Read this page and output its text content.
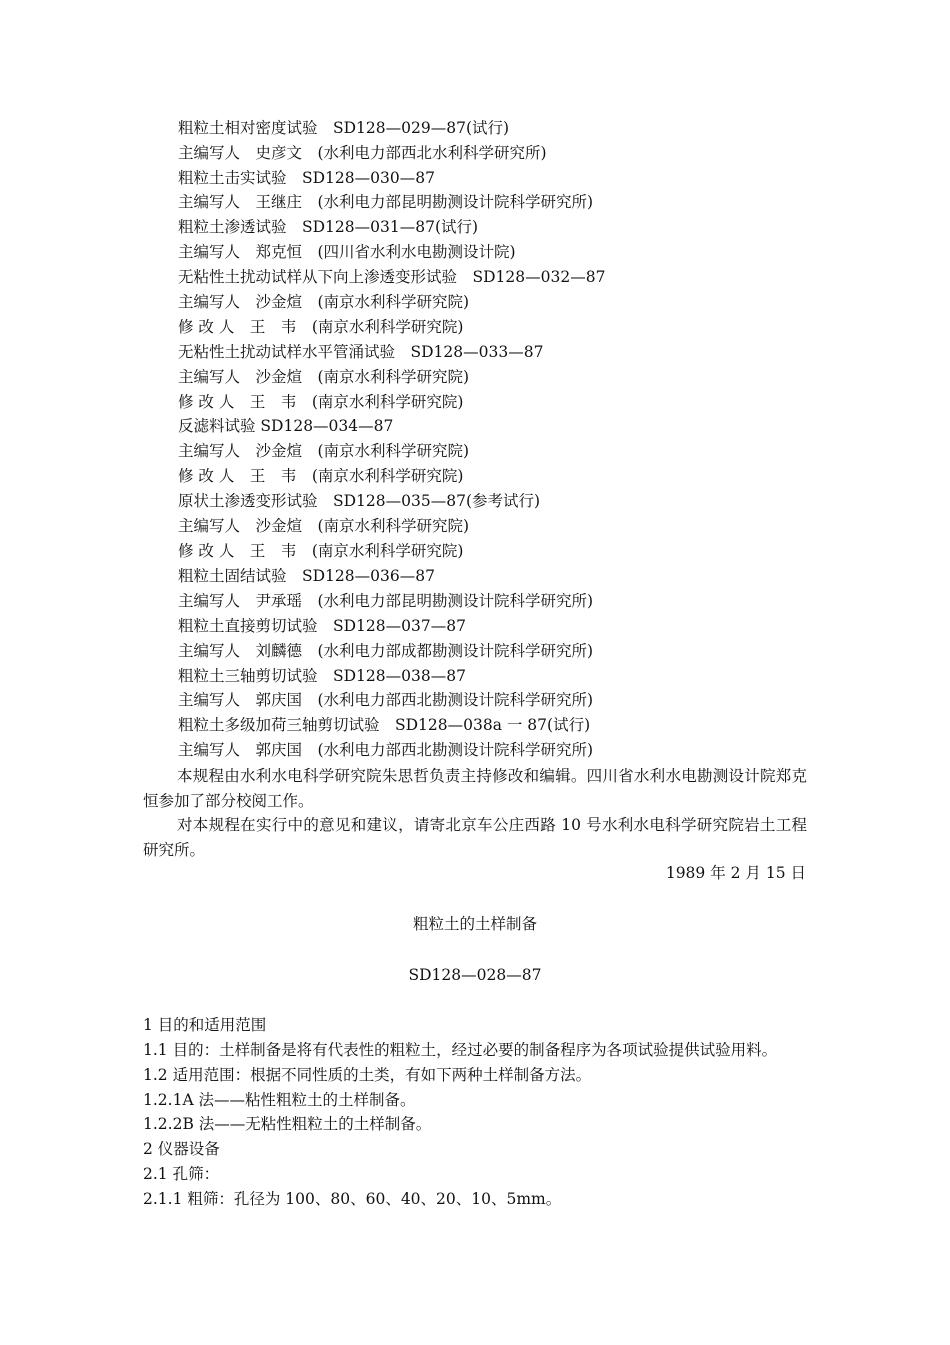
粗粒土相对密度试验　SD128—029—87(试行)
主编写人　史彦文　(水利电力部西北水利科学研究所)
粗粒土击实试验　SD128—030—87
主编写人　王继庄　(水利电力部昆明勘测设计院科学研究所)
粗粒土渗透试验　SD128—031—87(试行)
主编写人　郑克恒　(四川省水利水电勘测设计院)
无粘性土扰动试样从下向上渗透变形试验　SD128—032—87
主编写人　沙金煊　(南京水利科学研究院)
修 改 人　王　韦　(南京水利科学研究院)
无粘性土扰动试样水平管涌试验　SD128—033—87
主编写人　沙金煊　(南京水利科学研究院)
修 改 人　王　韦　(南京水利科学研究院)
反滤料试验 SD128—034—87
主编写人　沙金煊　(南京水利科学研究院)
修 改 人　王　韦　(南京水利科学研究院)
原状土渗透变形试验　SD128—035—87(参考试行)
主编写人　沙金煊　(南京水利科学研究院)
修 改 人　王　韦　(南京水利科学研究院)
粗粒土固结试验　SD128—036—87
主编写人　尹承瑶　(水利电力部昆明勘测设计院科学研究所)
粗粒土直接剪切试验　SD128—037—87
主编写人　刘麟德　(水利电力部成都勘测设计院科学研究所)
粗粒土三轴剪切试验　SD128—038—87
主编写人　郭庆国　(水利电力部西北勘测设计院科学研究所)
粗粒土多级加荷三轴剪切试验　SD128—038a 一 87(试行)
主编写人　郭庆国　(水利电力部西北勘测设计院科学研究所)
本规程由水利水电科学研究院朱思哲负责主持修改和编辑。四川省水利水电勘测设计院郑克恒参加了部分校阅工作。
对本规程在实行中的意见和建议，请寄北京车公庄西路 10 号水利水电科学研究院岩土工程研究所。
1989 年 2 月 15 日
粗粒土的土样制备
SD128—028—87
1 目的和适用范围
1.1 目的：土样制备是将有代表性的粗粒土，经过必要的制备程序为各项试验提供试验用料。
1.2 适用范围：根据不同性质的土类，有如下两种土样制备方法。
1.2.1A 法——粘性粗粒土的土样制备。
1.2.2B 法——无粘性粗粒土的土样制备。
2 仪器设备
2.1 孔筛：
2.1.1 粗筛：孔径为 100、80、60、40、20、10、5mm。
